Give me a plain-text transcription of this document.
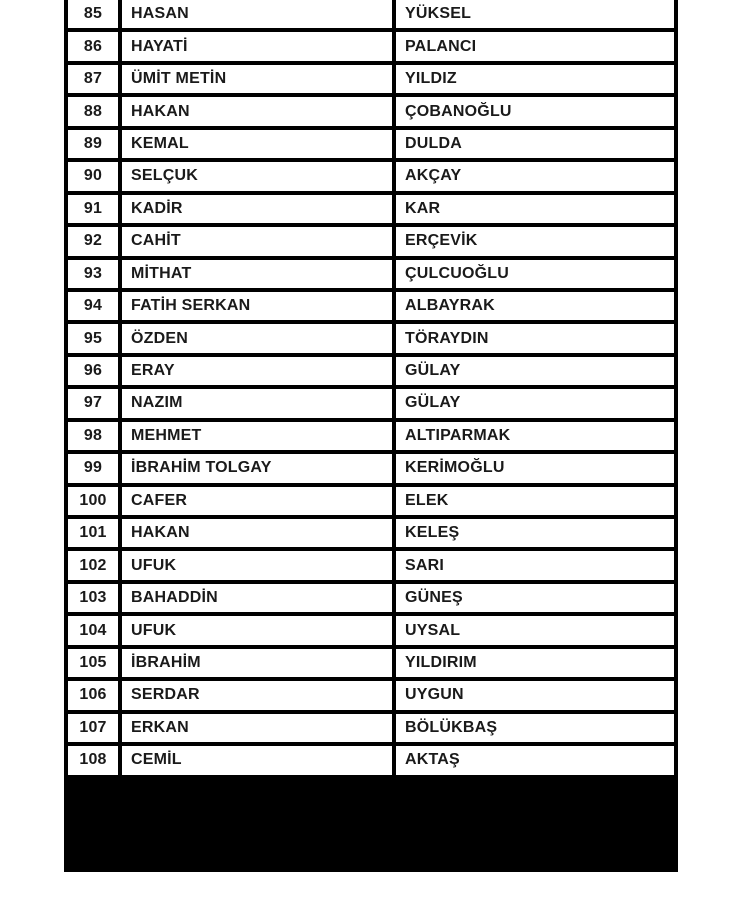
85	HASAN	YÜKSEL
86	HAYATİ	PALANCI
87	ÜMİT METİN	YILDIZ
88	HAKAN	ÇOBANOĞLU
89	KEMAL	DULDA
90	SELÇUK	AKÇAY
91	KADİR	KAR
92	CAHİT	ERÇEVİK
93	MİTHAT	ÇULCUOĞLU
94	FATİH SERKAN	ALBAYRAK
95	ÖZDEN	TÖRAYDIN
96	ERAY	GÜLAY
97	NAZIM	GÜLAY
98	MEHMET	ALTIPARMAK
99	İBRAHİM TOLGAY	KERİMOĞLU
100	CAFER	ELEK
101	HAKAN	KELEŞ
102	UFUK	SARI
103	BAHADDİN	GÜNEŞ
104	UFUK	UYSAL
105	İBRAHİM	YILDIRIM
106	SERDAR	UYGUN
107	ERKAN	BÖLÜKBAŞ
108	CEMİL	AKTAŞ
